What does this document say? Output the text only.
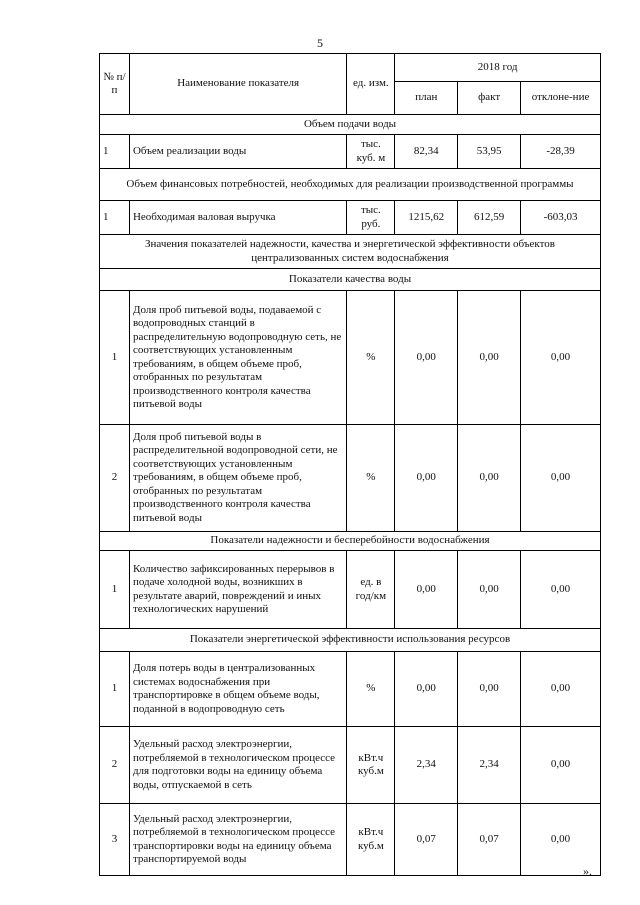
5
№ п/п	Наименование показателя	ед. изм.	2018 год		
			план	факт	отклоне-ние
Объем подачи воды					
1	Объем реализации воды	тыс. куб. м	82,34	53,95	-28,39
Объем финансовых потребностей, необходимых для реализации производственной программы					
1	Необходимая валовая выручка	тыс. руб.	1215,62	612,59	-603,03
Значения показателей надежности, качества и энергетической эффективности объектов централизованных систем водоснабжения					
Показатели качества воды					
1	Доля проб питьевой воды, подаваемой с водопроводных станций в распределительную водопроводную сеть, не соответствующих установленным требованиям, в общем объеме проб, отобранных по результатам производственного контроля качества питьевой воды	%	0,00	0,00	0,00
2	Доля проб питьевой воды в распределительной водопроводной сети, не соответствующих установленным требованиям, в общем объеме проб, отобранных по результатам производственного контроля качества питьевой воды	%	0,00	0,00	0,00
Показатели надежности и бесперебойности водоснабжения					
1	Количество зафиксированных перерывов в подаче холодной воды, возникших в результате аварий, повреждений и иных технологических нарушений	ед. в год/км	0,00	0,00	0,00
Показатели энергетической эффективности использования ресурсов					
1	Доля потерь воды в централизованных системах водоснабжения при транспортировке в общем объеме воды, поданной в водопроводную сеть	%	0,00	0,00	0,00
2	Удельный расход электроэнергии, потребляемой в технологическом процессе для подготовки воды на единицу объема воды, отпускаемой в сеть	кВт.ч куб.м	2,34	2,34	0,00
3	Удельный расход электроэнергии, потребляемой в технологическом процессе транспортировки воды на единицу объема транспортируемой воды	кВт.ч куб.м	0,07	0,07	0,00
».
